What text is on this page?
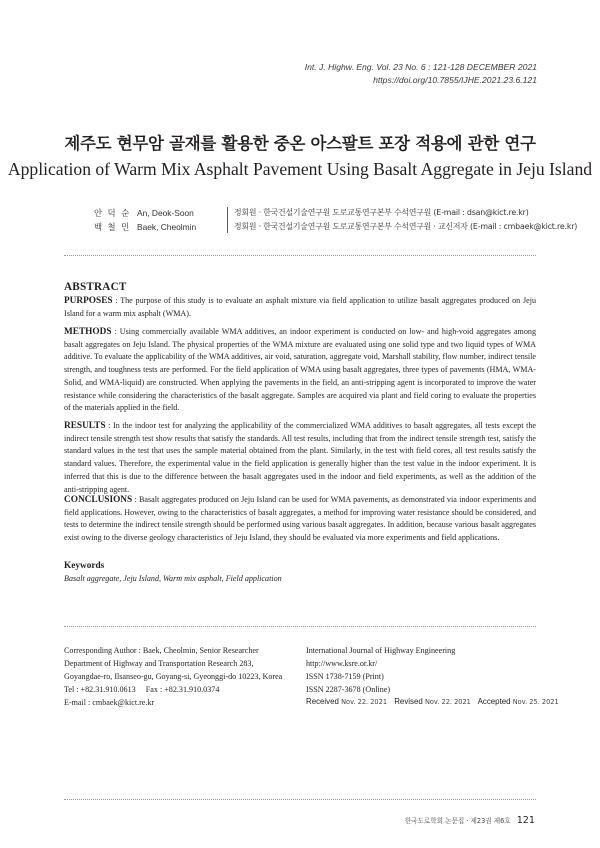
Int. J. Highw. Eng. Vol. 23 No. 6 : 121-128 DECEMBER 2021
https://doi.org/10.7855/IJHE.2021.23.6.121
제주도 현무암 골재를 활용한 중온 아스팔트 포장 적용에 관한 연구
Application of Warm Mix Asphalt Pavement Using Basalt Aggregate in Jeju Island
안 덕 순 An, Deok-Soon	정회원 · 한국건설기술연구원 도로교통연구본부 수석연구원 (E-mail : dsan@kict.re.kr)
백 철 민 Baek, Cheolmin	정회원 · 한국건설기술연구원 도로교통연구본부 수석연구원 · 교신저자 (E-mail : cmbaek@kict.re.kr)
ABSTRACT
PURPOSES : The purpose of this study is to evaluate an asphalt mixture via field application to utilize basalt aggregates produced on Jeju Island for a warm mix asphalt (WMA).
METHODS : Using commercially available WMA additives, an indoor experiment is conducted on low- and high-void aggregates among basalt aggregates on Jeju Island. The physical properties of the WMA mixture are evaluated using one solid type and two liquid types of WMA additive. To evaluate the applicability of the WMA additives, air void, saturation, aggregate void, Marshall stability, flow number, indirect tensile strength, and toughness tests are performed. For the field application of WMA using basalt aggregates, three types of pavements (HMA, WMA-Solid, and WMA-liquid) are constructed. When applying the pavements in the field, an anti-stripping agent is incorporated to improve the water resistance while considering the characteristics of the basalt aggregate. Samples are acquired via plant and field coring to evaluate the properties of the materials applied in the field.
RESULTS : In the indoor test for analyzing the applicability of the commercialized WMA additives to basalt aggregates, all tests except the indirect tensile strength test show results that satisfy the standards. All test results, including that from the indirect tensile strength test, satisfy the standard values in the test that uses the sample material obtained from the plant. Similarly, in the test with field cores, all test results satisfy the standard values. Therefore, the experimental value in the field application is generally higher than the test value in the indoor experiment. It is inferred that this is due to the difference between the basalt aggregates used in the indoor and field experiments, as well as the addition of the anti-stripping agent.
CONCLUSIONS : Basalt aggregates produced on Jeju Island can be used for WMA pavements, as demonstrated via indoor experiments and field applications. However, owing to the characteristics of basalt aggregates, a method for improving water resistance should be considered, and tests to determine the indirect tensile strength should be performed using various basalt aggregates. In addition, because various basalt aggregates exist owing to the diverse geology characteristics of Jeju Island, they should be evaluated via more experiments and field applications.
Keywords
Basalt aggregate, Jeju Island, Warm mix asphalt, Field application
Corresponding Author : Baek, Cheolmin, Senior Researcher
Department of Highway and Transportation Research 283,
Goyangdae-ro, Ilsanseo-gu, Goyang-si, Gyeonggi-do 10223, Korea
Tel : +82.31.910.0613     Fax : +82.31.910.0374
E-mail : cmbaek@kict.re.kr
International Journal of Highway Engineering
http://www.ksre.or.kr/
ISSN 1738-7159 (Print)
ISSN 2287-3678 (Online)
Received Nov. 22. 2021 Revised Nov. 22. 2021 Accepted Nov. 25. 2021
한국도로학회 논문집 · 제23권 제6호 121
